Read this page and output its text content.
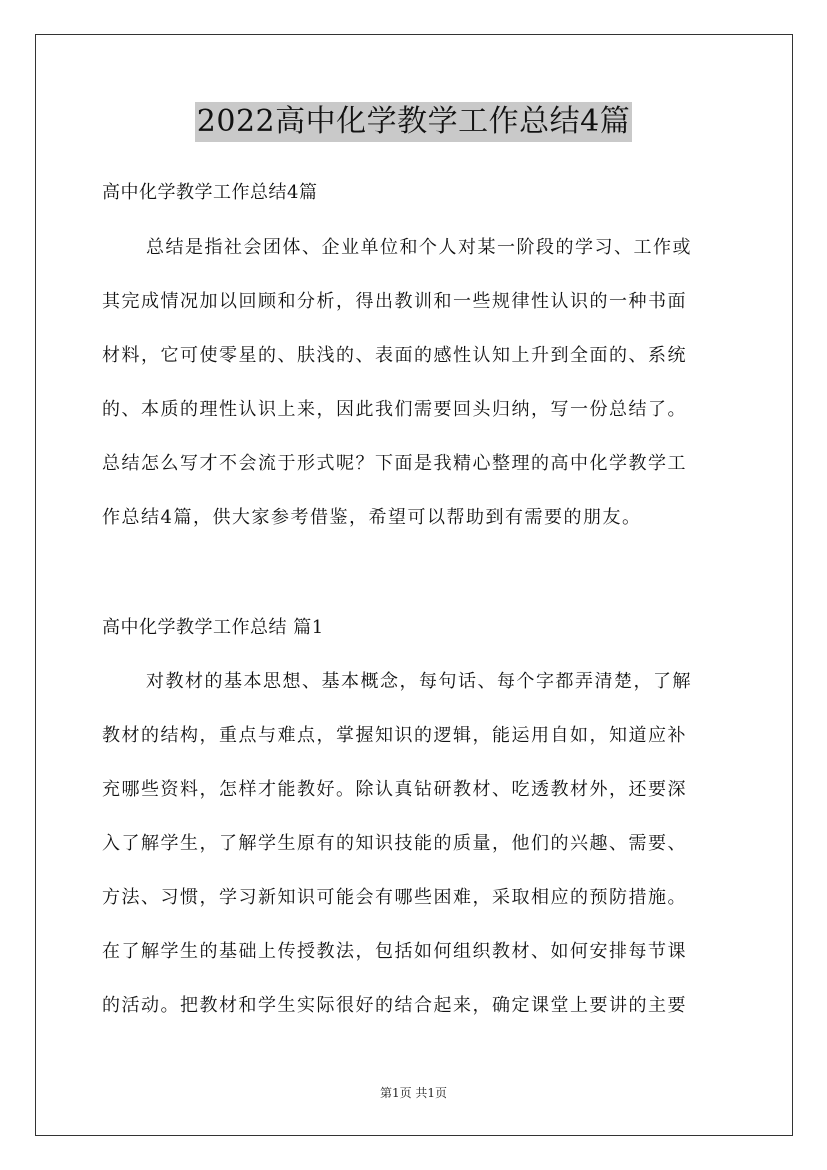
2022高中化学教学工作总结4篇
高中化学教学工作总结4篇
总结是指社会团体、企业单位和个人对某一阶段的学习、工作或
其完成情况加以回顾和分析，得出教训和一些规律性认识的一种书面
材料，它可使零星的、肤浅的、表面的感性认知上升到全面的、系统
的、本质的理性认识上来，因此我们需要回头归纳，写一份总结了。
总结怎么写才不会流于形式呢？下面是我精心整理的高中化学教学工
作总结4篇，供大家参考借鉴，希望可以帮助到有需要的朋友。
高中化学教学工作总结 篇1
对教材的基本思想、基本概念，每句话、每个字都弄清楚，了解
教材的结构，重点与难点，掌握知识的逻辑，能运用自如，知道应补
充哪些资料，怎样才能教好。除认真钻研教材、吃透教材外，还要深
入了解学生，了解学生原有的知识技能的质量，他们的兴趣、需要、
方法、习惯，学习新知识可能会有哪些困难，采取相应的预防措施。
在了解学生的基础上传授教法，包括如何组织教材、如何安排每节课
的活动。把教材和学生实际很好的结合起来，确定课堂上要讲的主要
第1页 共1页
